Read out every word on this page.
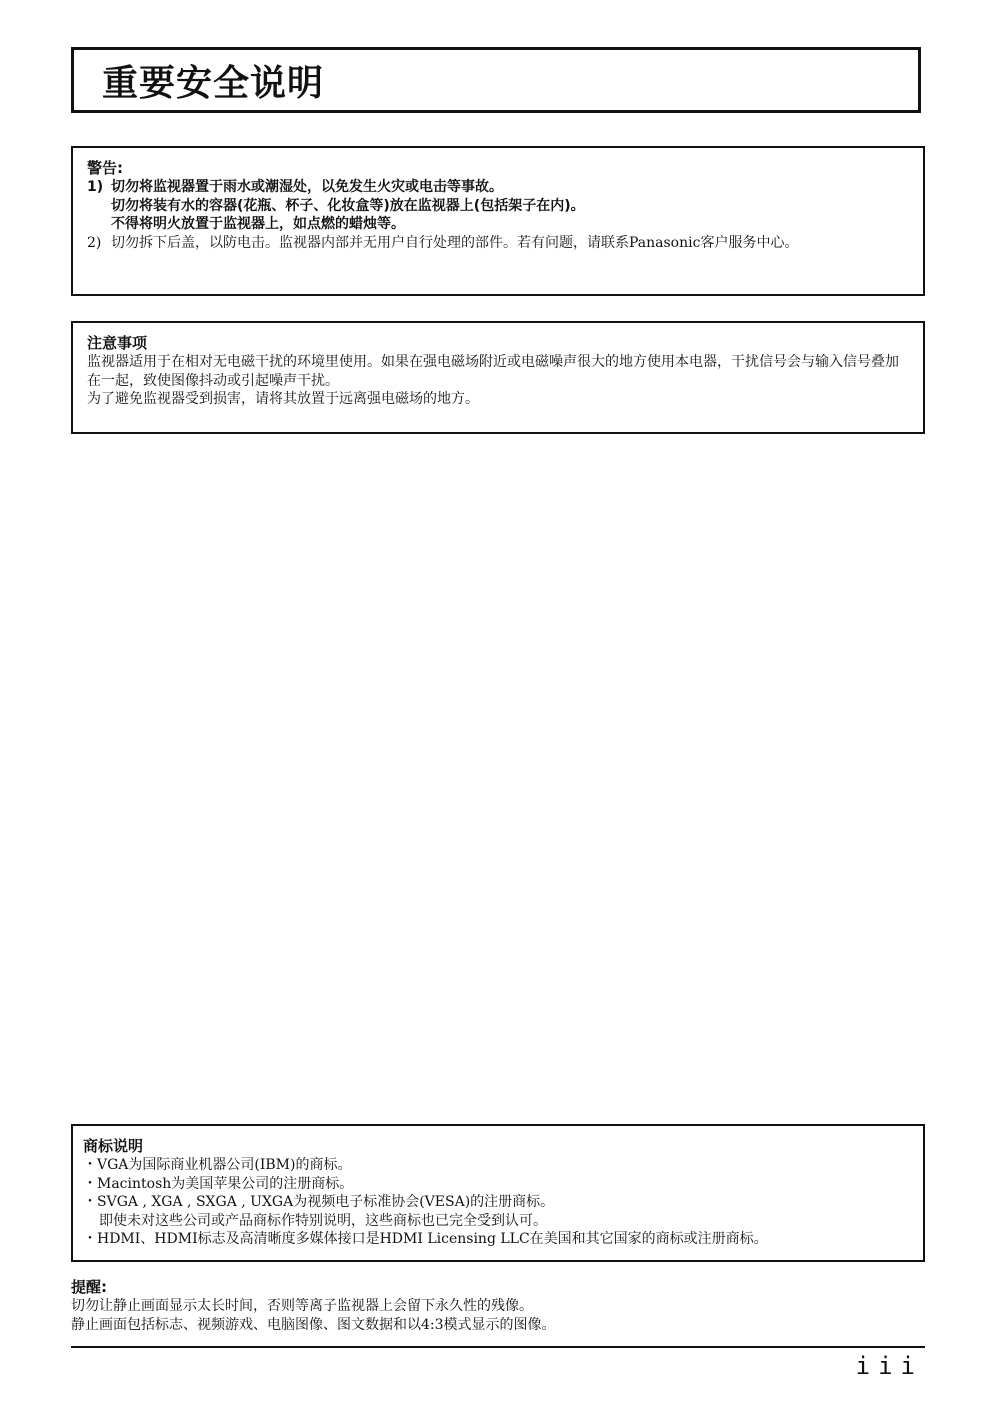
重要安全说明

警告:

1) 切勿将监视器置于雨水或潮湿处，以免发生火灾或电击等事故。

切勿将装有水的容器(花瓶、杯子、化妆盒等)放在监视器上(包括架子在内)。

不得将明火放置于监视器上，如点燃的蜡烛等。

2) 切勿拆下后盖，以防电击。监视器内部并无用户自行处理的部件。若有问题，请联系Panasonic客户服务中心。

注意事项

监视器适用于在相对无电磁干扰的环境里使用。如果在强电磁场附近或电磁噪声很大的地方使用本电器，干扰信号会与输入信号叠加在一起，致使图像抖动或引起噪声干扰。

为了避免监视器受到损害，请将其放置于远离强电磁场的地方。

商标说明

・VGA为国际商业机器公司(IBM)的商标。

・Macintosh为美国苹果公司的注册商标。

・SVGA , XGA , SXGA , UXGA为视频电子标准协会(VESA)的注册商标。

即使未对这些公司或产品商标作特别说明，这些商标也已完全受到认可。

・HDMI、HDMI标志及高清晰度多媒体接口是HDMI Licensing LLC在美国和其它国家的商标或注册商标。

提醒:

切勿让静止画面显示太长时间，否则等离子监视器上会留下永久性的残像。

静止画面包括标志、视频游戏、电脑图像、图文数据和以4:3模式显示的图像。

iii
